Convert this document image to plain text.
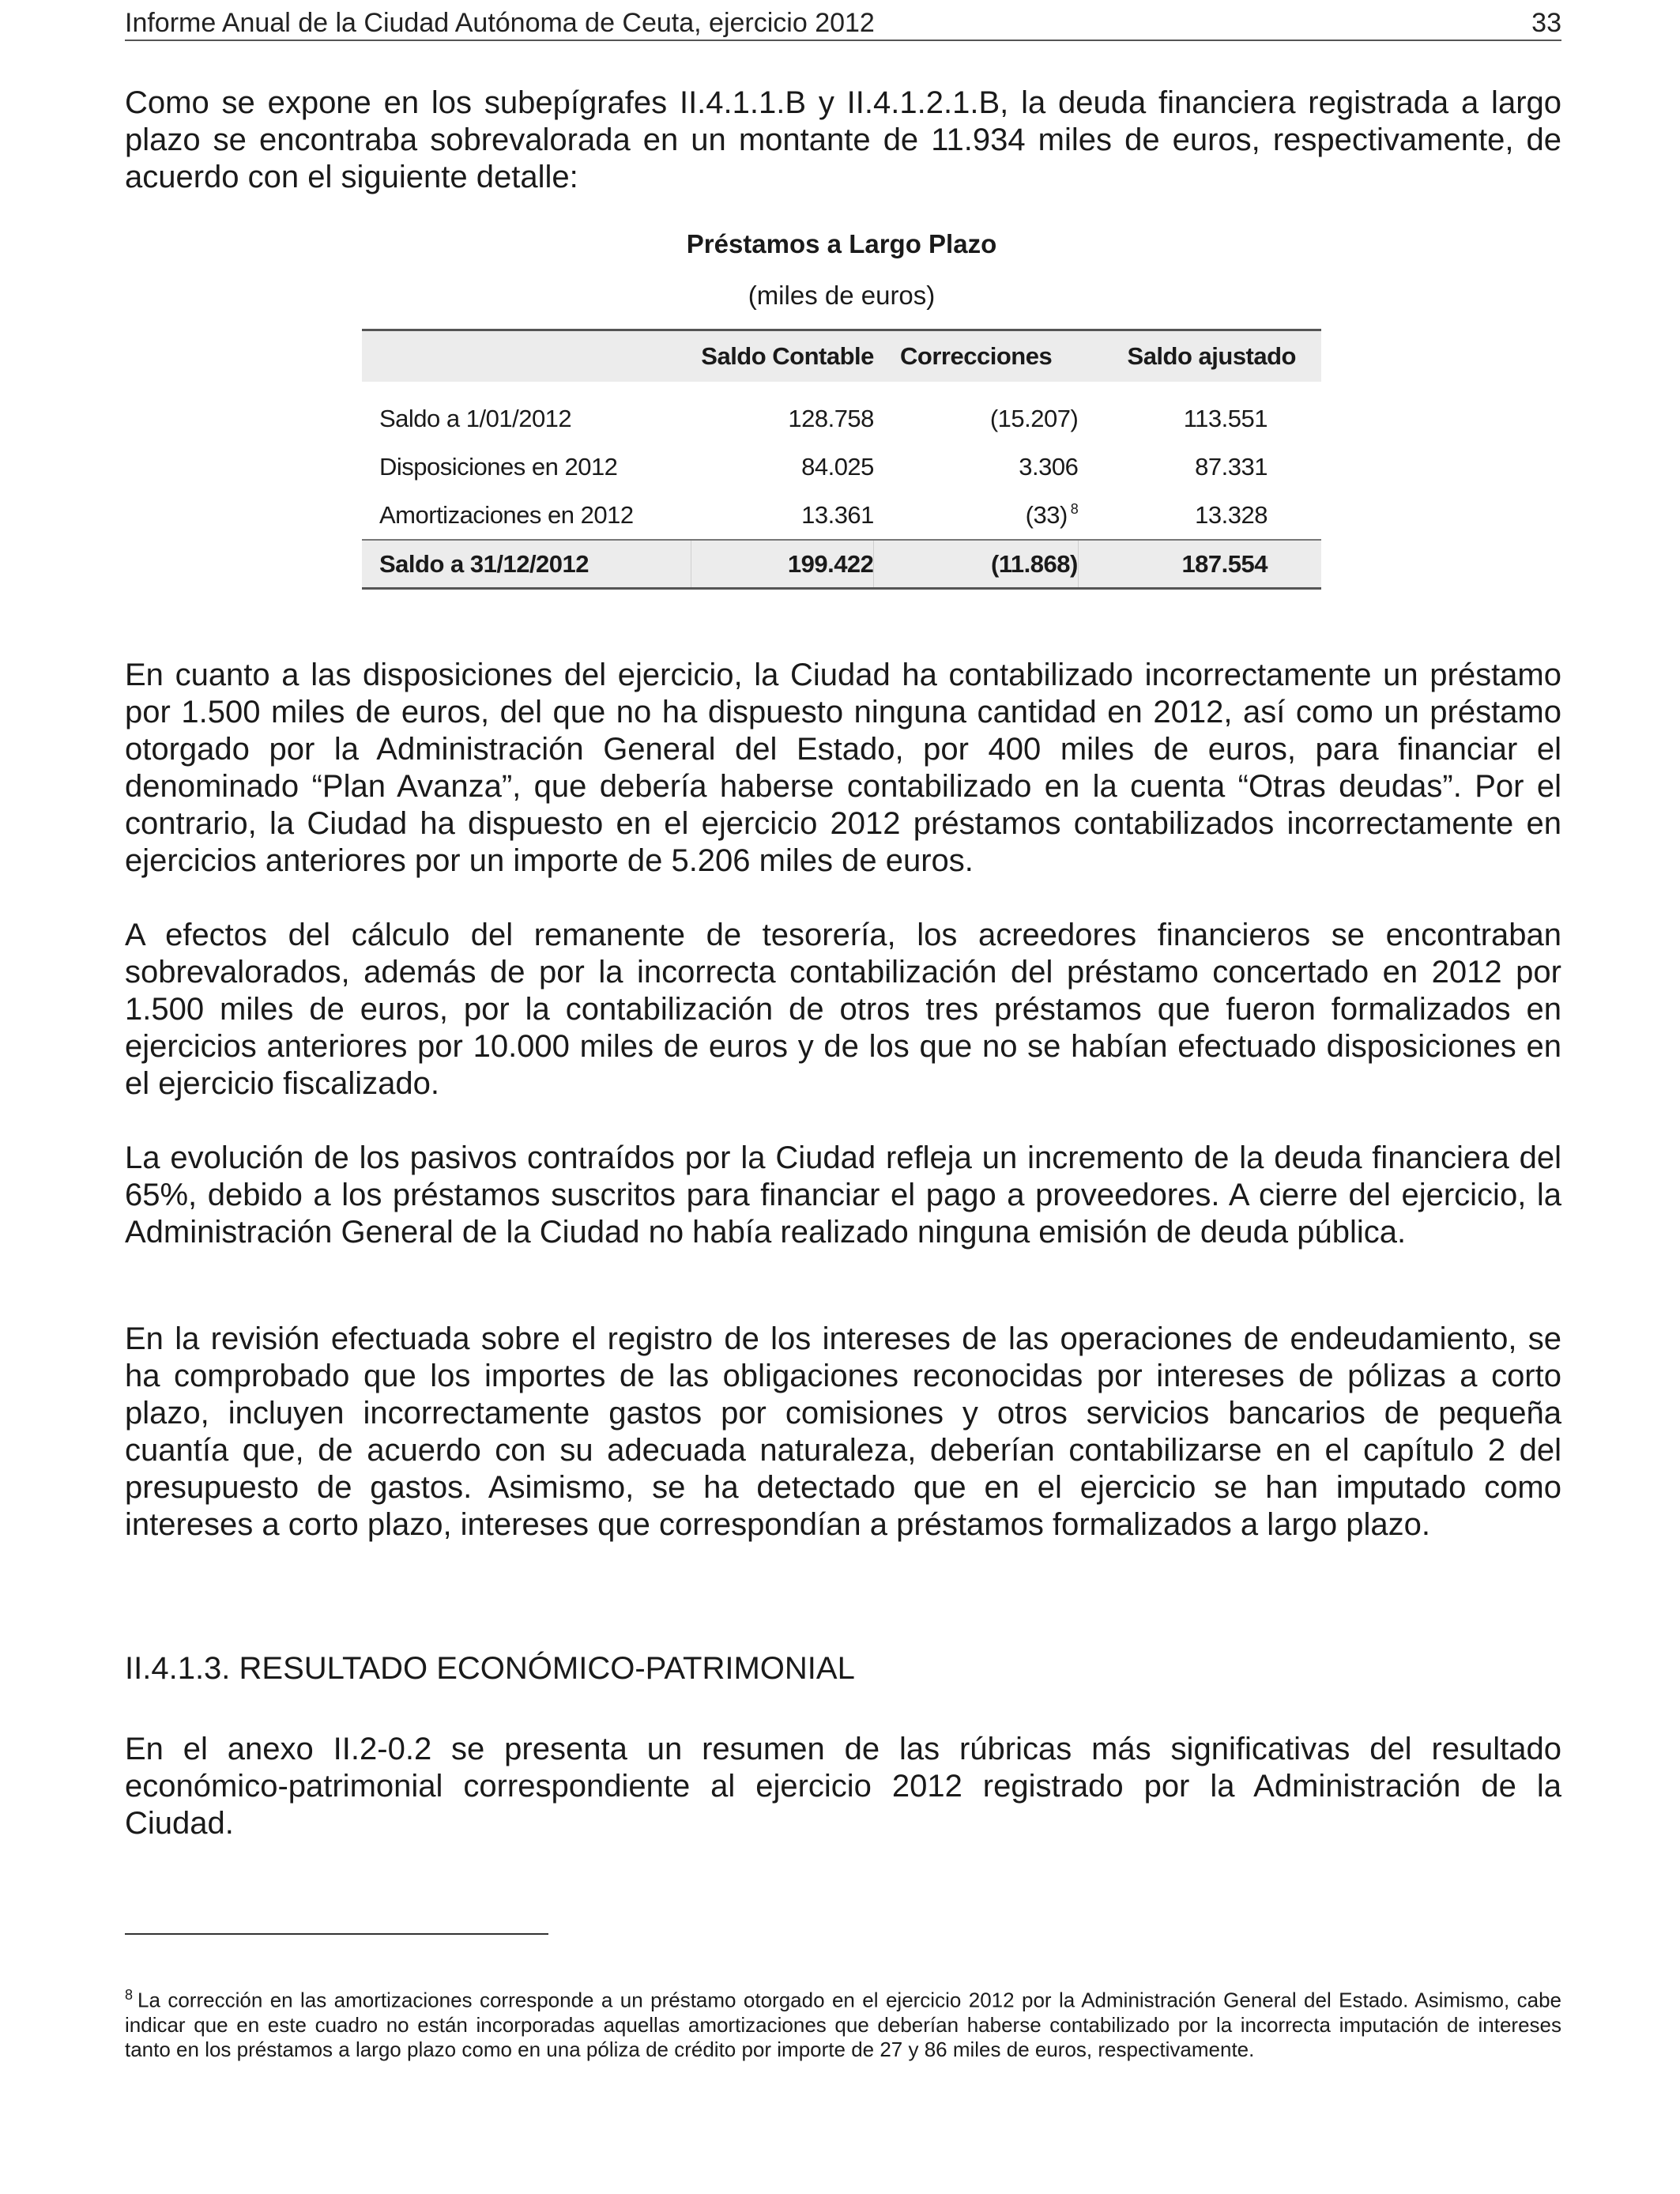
Informe Anual de la Ciudad Autónoma de Ceuta, ejercicio 2012	33

Como se expone en los subepígrafes II.4.1.1.B y II.4.1.2.1.B, la deuda financiera registrada a largo plazo se encontraba sobrevalorada en un montante de 11.934 miles de euros, respectivamente, de acuerdo con el siguiente detalle:

Préstamos a Largo Plazo

(miles de euros)

	Saldo Contable	Correcciones	Saldo ajustado

Saldo a 1/01/2012	128.758	(15.207)	113.551
Disposiciones en 2012	84.025	3.306	87.331
Amortizaciones en 2012	13.361	(33) $^8$	13.328
Saldo a 31/12/2012	199.422	(11.868)	187.554

En cuanto a las disposiciones del ejercicio, la Ciudad ha contabilizado incorrectamente un préstamo por 1.500 miles de euros, del que no ha dispuesto ninguna cantidad en 2012, así como un préstamo otorgado por la Administración General del Estado, por 400 miles de euros, para financiar el denominado “Plan Avanza”, que debería haberse contabilizado en la cuenta “Otras deudas”. Por el contrario, la Ciudad ha dispuesto en el ejercicio 2012 préstamos contabilizados incorrectamente en ejercicios anteriores por un importe de 5.206 miles de euros.

A efectos del cálculo del remanente de tesorería, los acreedores financieros se encontraban sobrevalorados, además de por la incorrecta contabilización del préstamo concertado en 2012 por 1.500 miles de euros, por la contabilización de otros tres préstamos que fueron formalizados en ejercicios anteriores por 10.000 miles de euros y de los que no se habían efectuado disposiciones en el ejercicio fiscalizado.

La evolución de los pasivos contraídos por la Ciudad refleja un incremento de la deuda financiera del 65%, debido a los préstamos suscritos para financiar el pago a proveedores. A cierre del ejercicio, la Administración General de la Ciudad no había realizado ninguna emisión de deuda pública.

En la revisión efectuada sobre el registro de los intereses de las operaciones de endeudamiento, se ha comprobado que los importes de las obligaciones reconocidas por intereses de pólizas a corto plazo, incluyen incorrectamente gastos por comisiones y otros servicios bancarios de pequeña cuantía que, de acuerdo con su adecuada naturaleza, deberían contabilizarse en el capítulo 2 del presupuesto de gastos. Asimismo, se ha detectado que en el ejercicio se han imputado como intereses a corto plazo, intereses que correspondían a préstamos formalizados a largo plazo.

II.4.1.3. RESULTADO ECONÓMICO-PATRIMONIAL

En el anexo II.2-0.2 se presenta un resumen de las rúbricas más significativas del resultado económico-patrimonial correspondiente al ejercicio 2012 registrado por la Administración de la Ciudad.

$^8$ La corrección en las amortizaciones corresponde a un préstamo otorgado en el ejercicio 2012 por la Administración General del Estado. Asimismo, cabe indicar que en este cuadro no están incorporadas aquellas amortizaciones que deberían haberse contabilizado por la incorrecta imputación de intereses tanto en los préstamos a largo plazo como en una póliza de crédito por importe de 27 y 86 miles de euros, respectivamente.
